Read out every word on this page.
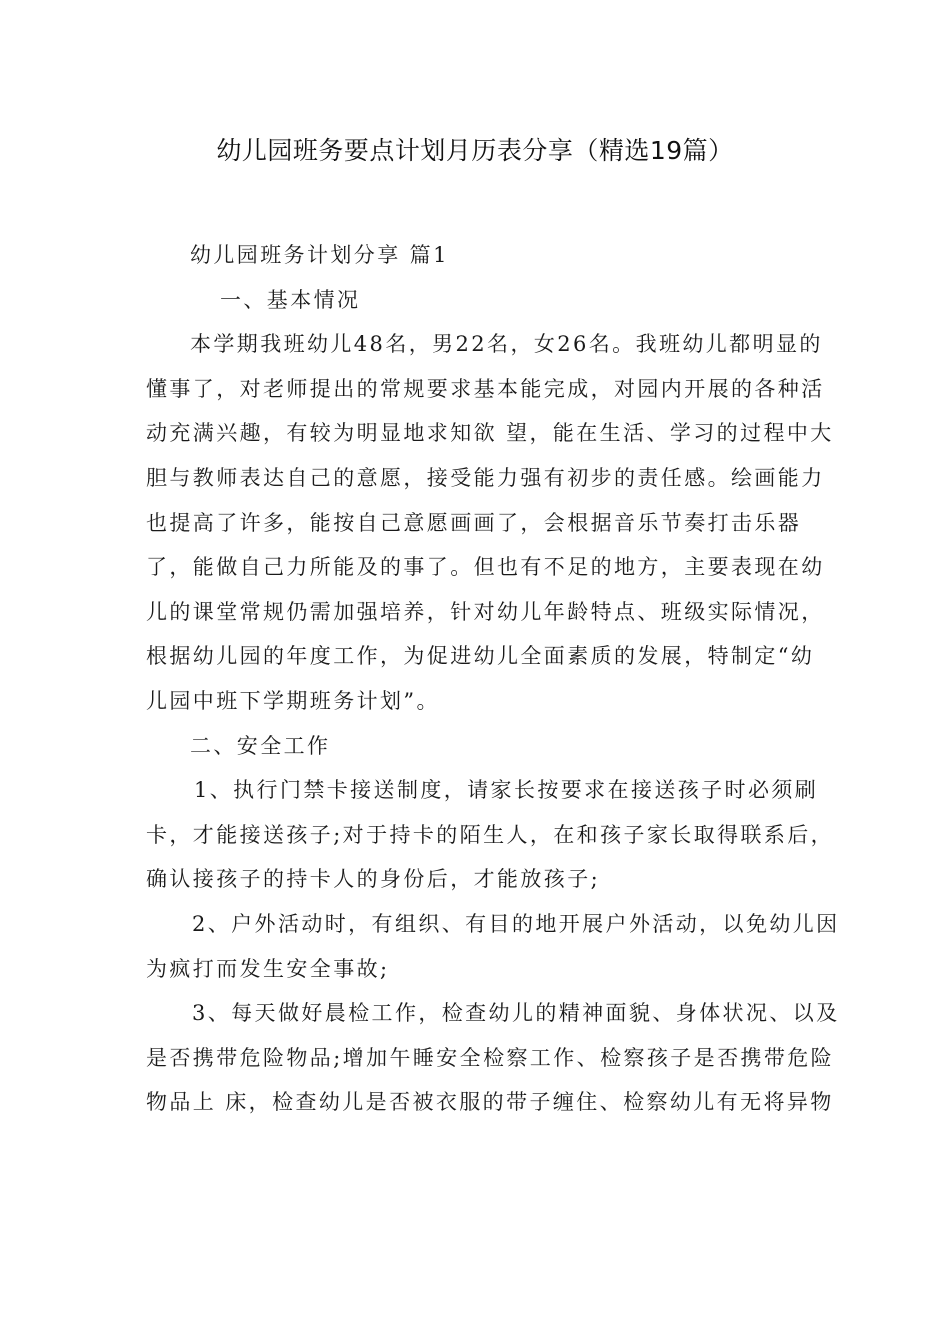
幼儿园班务要点计划月历表分享（精选19篇）
幼儿园班务计划分享 篇1
一、基本情况
本学期我班幼儿48名，男22名，女26名。我班幼儿都明显的
懂事了，对老师提出的常规要求基本能完成，对园内开展的各种活
动充满兴趣，有较为明显地求知欲 望，能在生活、学习的过程中大
胆与教师表达自己的意愿，接受能力强有初步的责任感。绘画能力
也提高了许多，能按自己意愿画画了，会根据音乐节奏打击乐器
了，能做自己力所能及的事了。但也有不足的地方，主要表现在幼
儿的课堂常规仍需加强培养，针对幼儿年龄特点、班级实际情况，
根据幼儿园的年度工作，为促进幼儿全面素质的发展，特制定“幼
儿园中班下学期班务计划”。
二、安全工作
1、执行门禁卡接送制度，请家长按要求在接送孩子时必须刷
卡，才能接送孩子;对于持卡的陌生人，在和孩子家长取得联系后，
确认接孩子的持卡人的身份后，才能放孩子;
2、户外活动时，有组织、有目的地开展户外活动，以免幼儿因
为疯打而发生安全事故;
3、每天做好晨检工作，检查幼儿的精神面貌、身体状况、以及
是否携带危险物品;增加午睡安全检察工作、检察孩子是否携带危险
物品上 床，检查幼儿是否被衣服的带子缠住、检察幼儿有无将异物
